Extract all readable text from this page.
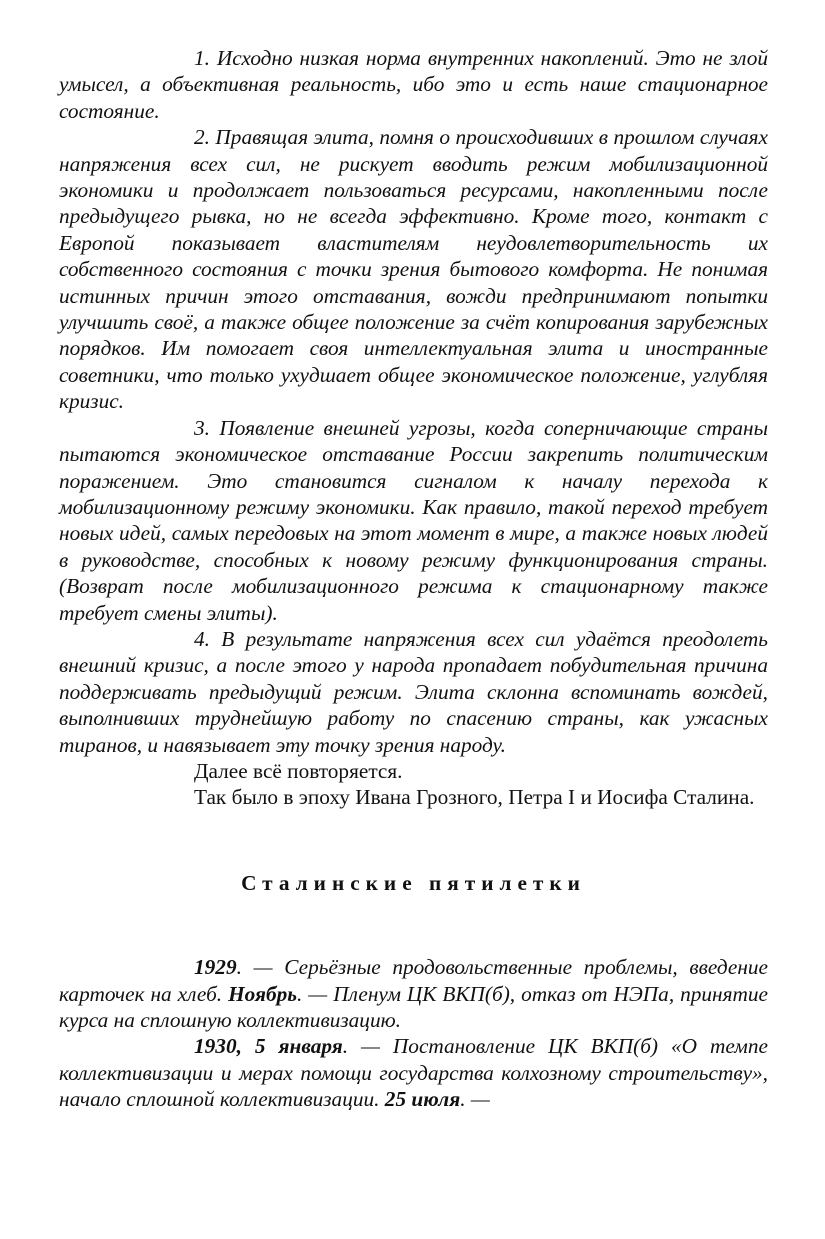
1. Исходно низкая норма внутренних накоплений. Это не злой умысел, а объективная реальность, ибо это и есть наше стационарное состояние.

2. Правящая элита, помня о происходивших в прошлом случаях напряжения всех сил, не рискует вводить режим мобилизационной экономики и продолжает пользоваться ресурсами, накопленными после предыдущего рывка, но не всегда эффективно. Кроме того, контакт с Европой показывает властителям неудовлетворительность их собственного состояния с точки зрения бытового комфорта. Не понимая истинных причин этого отставания, вожди предпринимают попытки улучшить своё, а также общее положение за счёт копирования зарубежных порядков. Им помогает своя интеллектуальная элита и иностранные советники, что только ухудшает общее экономическое положение, углубляя кризис.

3. Появление внешней угрозы, когда соперничающие страны пытаются экономическое отставание России закрепить политическим поражением. Это становится сигналом к началу перехода к мобилизационному режиму экономики. Как правило, такой переход требует новых идей, самых передовых на этот момент в мире, а также новых людей в руководстве, способных к новому режиму функционирования страны. (Возврат после мобилизационного режима к стационарному также требует смены элиты).

4. В результате напряжения всех сил удаётся преодолеть внешний кризис, а после этого у народа пропадает побудительная причина поддерживать предыдущий режим. Элита склонна вспоминать вождей, выполнивших труднейшую работу по спасению страны, как ужасных тиранов, и навязывает эту точку зрения народу.

Далее всё повторяется.

Так было в эпоху Ивана Грозного, Петра I и Иосифа Сталина.

Сталинские пятилетки

1929. — Серьёзные продовольственные проблемы, введение карточек на хлеб. Ноябрь. — Пленум ЦК ВКП(б), отказ от НЭПа, принятие курса на сплошную коллективизацию.

1930, 5 января. — Постановление ЦК ВКП(б) «О темпе коллективизации и мерах помощи государства колхозному строительству», начало сплошной коллективизации. 25 июля. —
